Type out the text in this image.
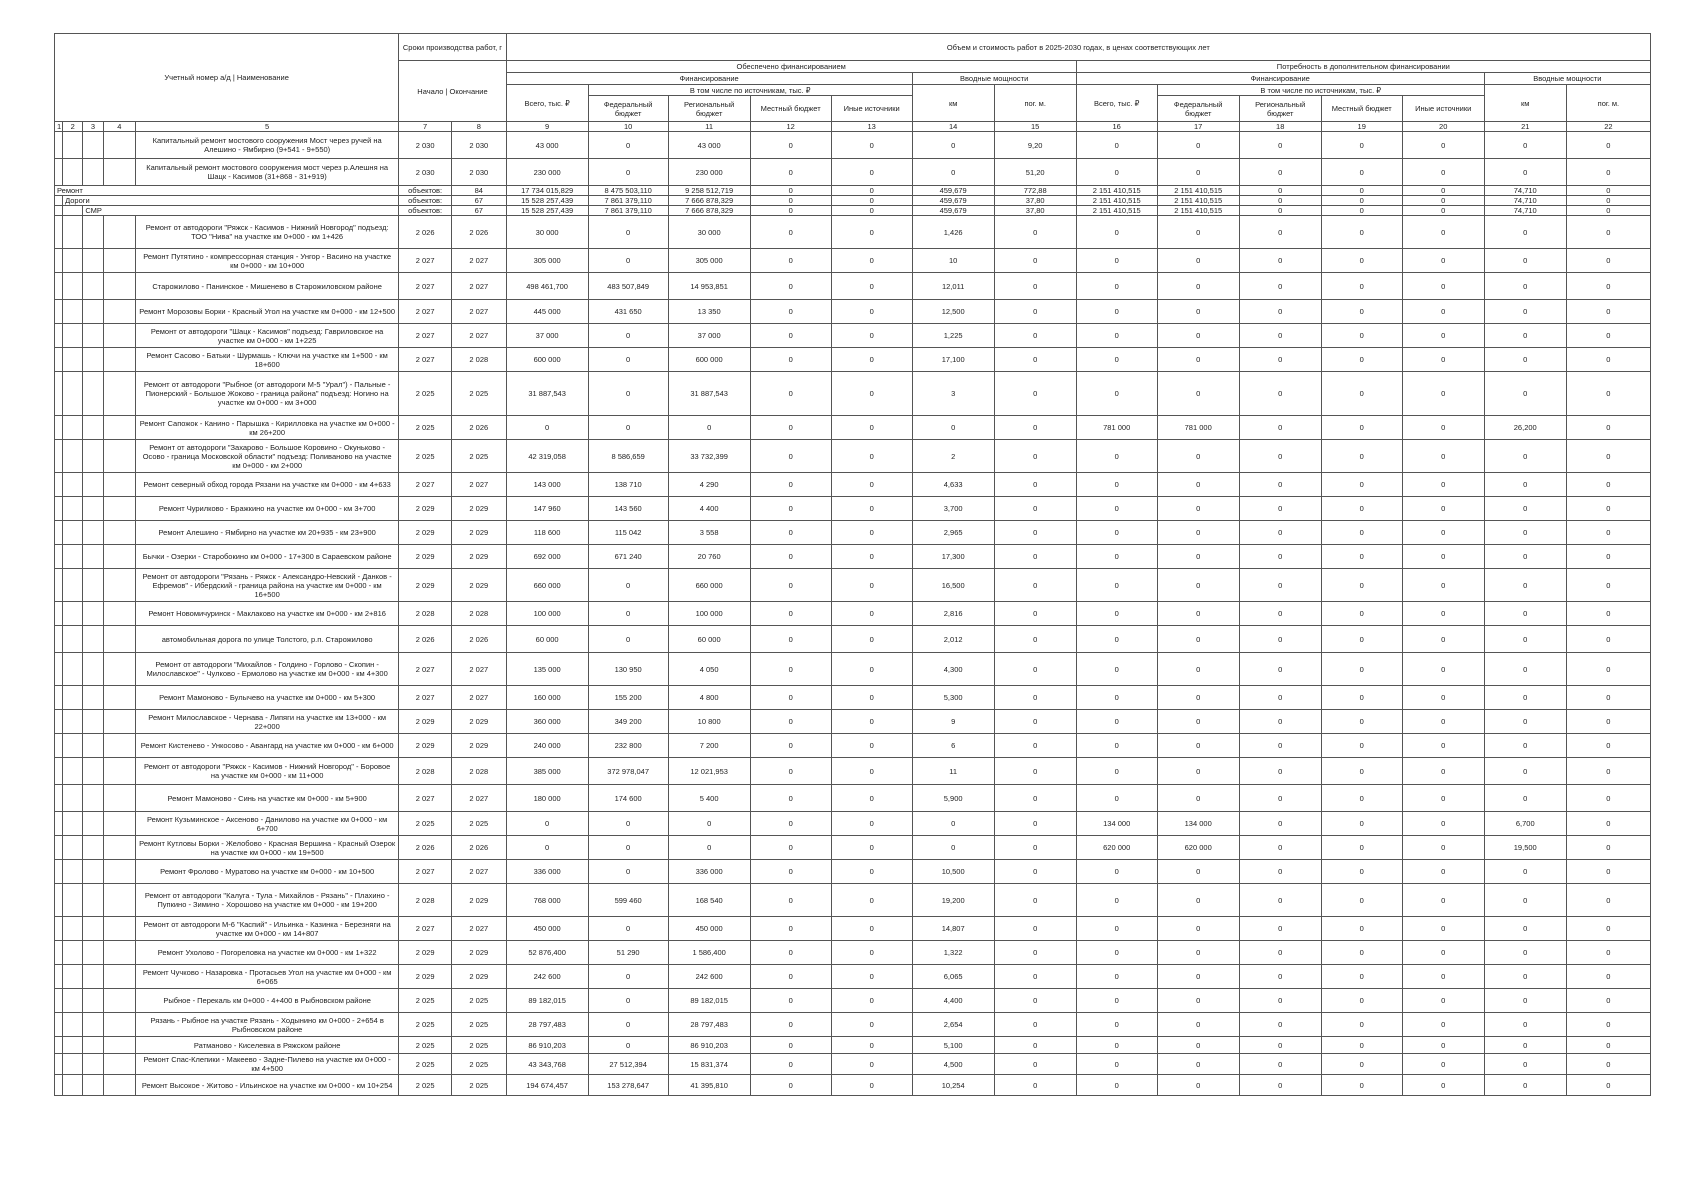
Учетный номер а/д | Наименование					Сроки производства работ, г		Объем и стоимость работ в 2025-2030 годах, в ценах соответствующих лет													
					Начало | Окончание		Обеспечено финансированием							Потребность в дополнительном финансировании						
							Финансирование					Вводные мощности		Финансирование					Вводные мощности	
							Всего, тыс. ₽	В том числе по источникам, тыс. ₽				км	пог. м.	Всего, тыс. ₽	В том числе по источникам, тыс. ₽				км	пог. м.
								Федеральный бюджет	Региональный бюджет	Местный бюджет	Иные источники				Федеральный бюджет	Региональный бюджет	Местный бюджет	Иные источники		

1	2	3	4	5	7	8	9	10	11	12	13	14	15	16	17	18	19	20	21	22
				Капитальный ремонт мостового сооружения Мост через ручей на Алешино - Ямбирно (9+541 - 9+550)	2 030	2 030	43 000	0	43 000	0	0	0	9,20	0	0	0	0	0	0	0
				Капитальный ремонт мостового сооружения мост через р.Алешня на Шацк - Касимов (31+868 - 31+919)	2 030	2 030	230 000	0	230 000	0	0	0	51,20	0	0	0	0	0	0	0
Ремонт					объектов:	84	17 734 015,829	8 475 503,110	9 258 512,719	0	0	459,679	772,88	2 151 410,515	2 151 410,515	0	0	0	74,710	0
	Дороги				объектов:	67	15 528 257,439	7 861 379,110	7 666 878,329	0	0	459,679	37,80	2 151 410,515	2 151 410,515	0	0	0	74,710	0
		СМР			объектов:	67	15 528 257,439	7 861 379,110	7 666 878,329	0	0	459,679	37,80	2 151 410,515	2 151 410,515	0	0	0	74,710	0
				Ремонт от автодороги "Ряжск - Касимов - Нижний Новгород" подъезд: ТОО "Нива" на участке км 0+000 - км 1+426	2 026	2 026	30 000	0	30 000	0	0	1,426	0	0	0	0	0	0	0	0
				Ремонт Путятино - компрессорная станция - Унгор - Васино на участке км 0+000 - км 10+000	2 027	2 027	305 000	0	305 000	0	0	10	0	0	0	0	0	0	0	0
				Старожилово - Панинское - Мишенево в Старожиловском районе	2 027	2 027	498 461,700	483 507,849	14 953,851	0	0	12,011	0	0	0	0	0	0	0	0
				Ремонт Морозовы Борки - Красный Угол на участке км 0+000 - км 12+500	2 027	2 027	445 000	431 650	13 350	0	0	12,500	0	0	0	0	0	0	0	0
				Ремонт от автодороги "Шацк - Касимов" подъезд: Гавриловское на участке км 0+000 - км 1+225	2 027	2 027	37 000	0	37 000	0	0	1,225	0	0	0	0	0	0	0	0
				Ремонт Сасово - Батьки - Шурмашь - Ключи на участке км 1+500 - км 18+600	2 027	2 028	600 000	0	600 000	0	0	17,100	0	0	0	0	0	0	0	0
				Ремонт от автодороги "Рыбное (от автодороги М-5 "Урал") - Пальные - Пионерский - Большое Жоково - граница района" подъезд: Ногино на участке км 0+000 - км 3+000	2 025	2 025	31 887,543	0	31 887,543	0	0	3	0	0	0	0	0	0	0	0
				Ремонт Сапожок - Канино - Парышка - Кирилловка на участке км 0+000 - км 26+200	2 025	2 026	0	0	0	0	0	0	0	781 000	781 000	0	0	0	26,200	0
				Ремонт от автодороги "Захарово - Большое Коровино - Окуньково - Осово - граница Московской области" подъезд: Поливаново на участке км 0+000 - км 2+000	2 025	2 025	42 319,058	8 586,659	33 732,399	0	0	2	0	0	0	0	0	0	0	0
				Ремонт северный обход города Рязани на участке км 0+000 - км 4+633	2 027	2 027	143 000	138 710	4 290	0	0	4,633	0	0	0	0	0	0	0	0
				Ремонт Чурилково - Бражкино на участке км 0+000 - км 3+700	2 029	2 029	147 960	143 560	4 400	0	0	3,700	0	0	0	0	0	0	0	0
				Ремонт Алешино - Ямбирно на участке км 20+935 - км 23+900	2 029	2 029	118 600	115 042	3 558	0	0	2,965	0	0	0	0	0	0	0	0
				Бычки - Озерки - Старобокино км 0+000 - 17+300 в Сараевском районе	2 029	2 029	692 000	671 240	20 760	0	0	17,300	0	0	0	0	0	0	0	0
				Ремонт от автодороги "Рязань - Ряжск - Александро-Невский - Данков - Ефремов" - Ибердский - граница района на участке км 0+000 - км 16+500	2 029	2 029	660 000	0	660 000	0	0	16,500	0	0	0	0	0	0	0	0
				Ремонт Новомичуринск - Маклаково на участке км 0+000 - км 2+816	2 028	2 028	100 000	0	100 000	0	0	2,816	0	0	0	0	0	0	0	0
				автомобильная дорога по улице Толстого, р.п. Старожилово	2 026	2 026	60 000	0	60 000	0	0	2,012	0	0	0	0	0	0	0	0
				Ремонт от автодороги "Михайлов - Голдино - Горлово - Скопин - Милославское" - Чулково - Ермолово на участке км 0+000 - км 4+300	2 027	2 027	135 000	130 950	4 050	0	0	4,300	0	0	0	0	0	0	0	0
				Ремонт Мамоново - Булычево на участке км 0+000 - км 5+300	2 027	2 027	160 000	155 200	4 800	0	0	5,300	0	0	0	0	0	0	0	0
				Ремонт Милославское - Чернава - Липяги на участке км 13+000 - км 22+000	2 029	2 029	360 000	349 200	10 800	0	0	9	0	0	0	0	0	0	0	0
				Ремонт Кистенево - Ункосово - Авангард на участке км 0+000 - км 6+000	2 029	2 029	240 000	232 800	7 200	0	0	6	0	0	0	0	0	0	0	0
				Ремонт от автодороги "Ряжск - Касимов - Нижний Новгород" - Боровое на участке км 0+000 - км 11+000	2 028	2 028	385 000	372 978,047	12 021,953	0	0	11	0	0	0	0	0	0	0	0
				Ремонт Мамоново - Синь на участке км 0+000 - км 5+900	2 027	2 027	180 000	174 600	5 400	0	0	5,900	0	0	0	0	0	0	0	0
				Ремонт Кузьминское - Аксеново - Данилово на участке км 0+000 - км 6+700	2 025	2 025	0	0	0	0	0	0	0	134 000	134 000	0	0	0	6,700	0
				Ремонт Кутловы Борки - Желобово - Красная Вершина - Красный Озерок на участке км 0+000 - км 19+500	2 026	2 026	0	0	0	0	0	0	0	620 000	620 000	0	0	0	19,500	0
				Ремонт Фролово - Муратово на участке км 0+000 - км 10+500	2 027	2 027	336 000	0	336 000	0	0	10,500	0	0	0	0	0	0	0	0
				Ремонт от автодороги "Калуга - Тула - Михайлов - Рязань" - Плахино - Пупкино - Зимино - Хорошово на участке км 0+000 - км 19+200	2 028	2 029	768 000	599 460	168 540	0	0	19,200	0	0	0	0	0	0	0	0
				Ремонт от автодороги М-6 "Каспий" - Ильинка - Казинка - Березняги на участке км 0+000 - км 14+807	2 027	2 027	450 000	0	450 000	0	0	14,807	0	0	0	0	0	0	0	0
				Ремонт Ухолово - Погореловка на участке км 0+000 - км 1+322	2 029	2 029	52 876,400	51 290	1 586,400	0	0	1,322	0	0	0	0	0	0	0	0
				Ремонт Чучково - Назаровка - Протасьев Угол на участке км 0+000 - км 6+065	2 029	2 029	242 600	0	242 600	0	0	6,065	0	0	0	0	0	0	0	0
				Рыбное - Перекаль км 0+000 - 4+400 в Рыбновском районе	2 025	2 025	89 182,015	0	89 182,015	0	0	4,400	0	0	0	0	0	0	0	0
				Рязань - Рыбное на участке Рязань - Ходынино км 0+000 - 2+654 в Рыбновском районе	2 025	2 025	28 797,483	0	28 797,483	0	0	2,654	0	0	0	0	0	0	0	0
				Ратманово - Киселевка в Ряжском районе	2 025	2 025	86 910,203	0	86 910,203	0	0	5,100	0	0	0	0	0	0	0	0
				Ремонт Спас-Клепики - Макеево - Задне-Пилево на участке км 0+000 - км 4+500	2 025	2 025	43 343,768	27 512,394	15 831,374	0	0	4,500	0	0	0	0	0	0	0	0
				Ремонт Высокое - Житово - Ильинское на участке км 0+000 - км 10+254	2 025	2 025	194 674,457	153 278,647	41 395,810	0	0	10,254	0	0	0	0	0	0	0	0
